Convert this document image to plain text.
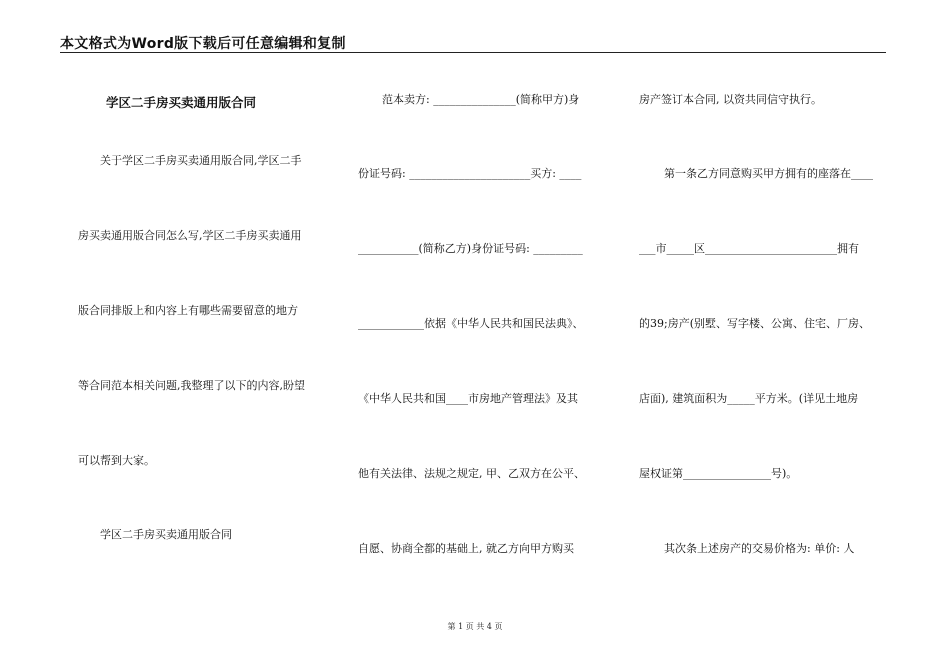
本文格式为Word版下载后可任意编辑和复制
学区二手房买卖通用版合同
关于学区二手房买卖通用版合同,学区二手
房买卖通用版合同怎么写,学区二手房买卖通用
版合同排版上和内容上有哪些需要留意的地方
等合同范本相关问题,我整理了以下的内容,盼望
可以帮到大家。
学区二手房买卖通用版合同
范本卖方: _______________(简称甲方)身
份证号码: ______________________买方: ____
___________(简称乙方)身份证号码: _________
____________依据《中华人民共和国民法典》、
《中华人民共和国____市房地产管理法》及其
他有关法律、法规之规定, 甲、乙双方在公平、
自愿、协商全都的基础上, 就乙方向甲方购买
房产签订本合同, 以资共同信守执行。
第一条乙方同意购买甲方拥有的座落在____
___市_____区________________________拥有
的39;房产(别墅、写字楼、公寓、住宅、厂房、
店面), 建筑面积为_____平方米。(详见土地房
屋权证第________________号)。
其次条上述房产的交易价格为: 单价: 人
第 1 页 共 4 页
